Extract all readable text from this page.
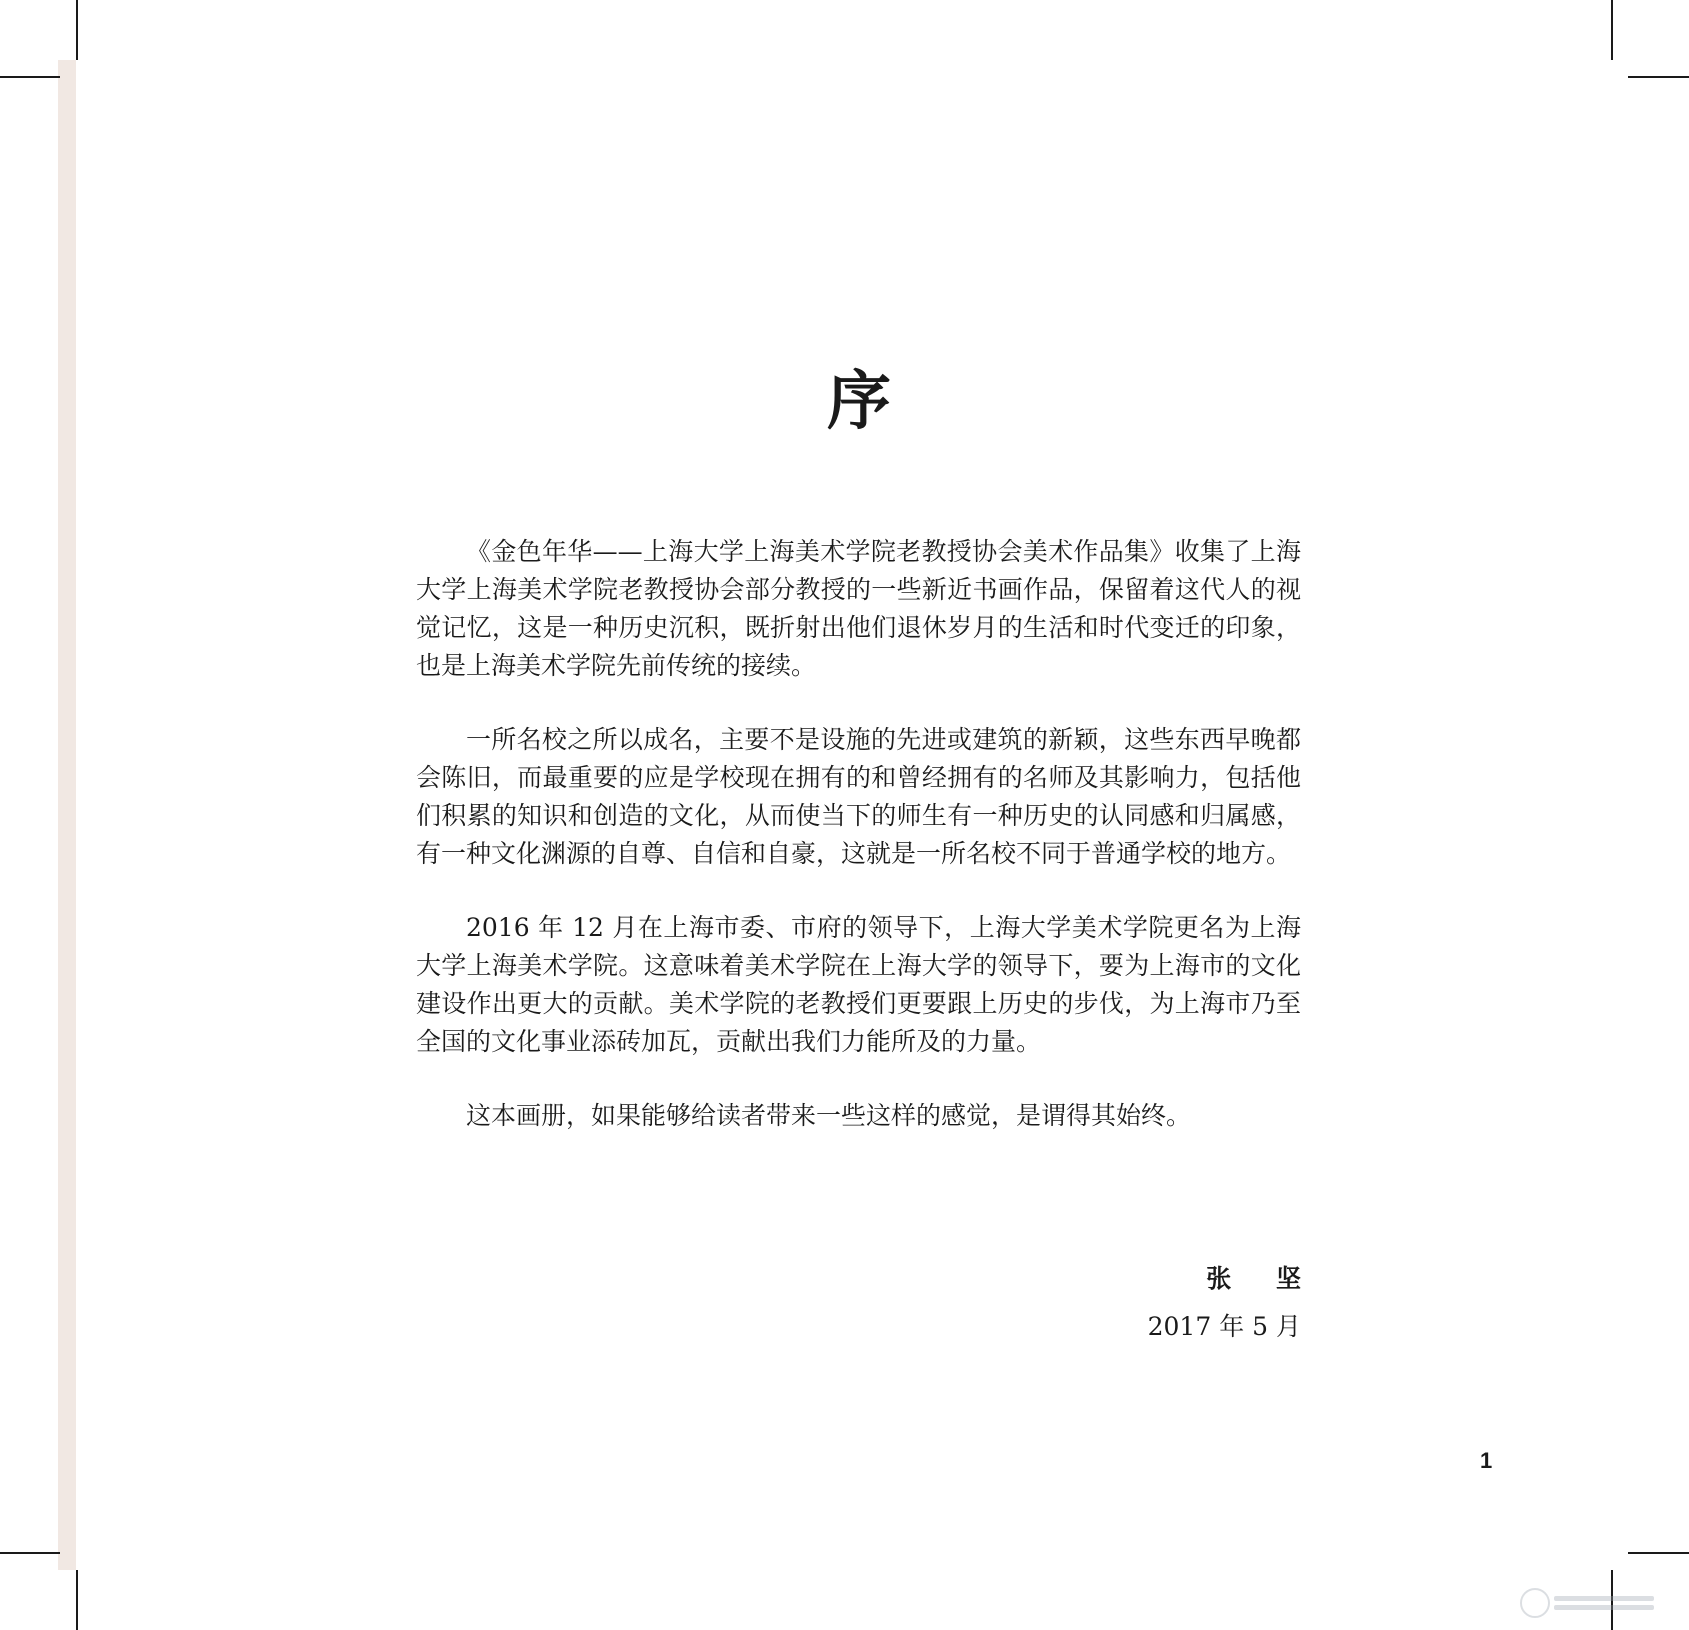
序

《金色年华——上海大学上海美术学院老教授协会美术作品集》收集了上海大学上海美术学院老教授协会部分教授的一些新近书画作品，保留着这代人的视觉记忆，这是一种历史沉积，既折射出他们退休岁月的生活和时代变迁的印象，也是上海美术学院先前传统的接续。

一所名校之所以成名，主要不是设施的先进或建筑的新颖，这些东西早晚都会陈旧，而最重要的应是学校现在拥有的和曾经拥有的名师及其影响力，包括他们积累的知识和创造的文化，从而使当下的师生有一种历史的认同感和归属感，有一种文化渊源的自尊、自信和自豪，这就是一所名校不同于普通学校的地方。

2016 年 12 月在上海市委、市府的领导下，上海大学美术学院更名为上海大学上海美术学院。这意味着美术学院在上海大学的领导下，要为上海市的文化建设作出更大的贡献。美术学院的老教授们更要跟上历史的步伐，为上海市乃至全国的文化事业添砖加瓦，贡献出我们力能所及的力量。

这本画册，如果能够给读者带来一些这样的感觉，是谓得其始终。

张 坚
2017 年 5 月
1
